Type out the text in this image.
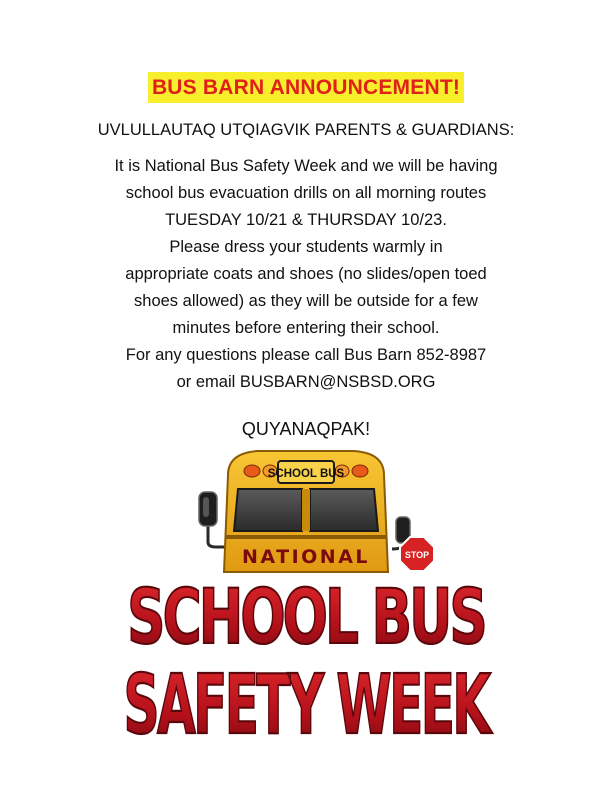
BUS BARN ANNOUNCEMENT!
UVLULLAUTAQ UTQIAGVIK PARENTS & GUARDIANS:
It is National Bus Safety Week and we will be having
school bus evacuation drills on all morning routes
TUESDAY 10/21 & THURSDAY 10/23.
Please dress your students warmly in
appropriate coats and shoes (no slides/open toed
shoes allowed) as they will be outside for a few
minutes before entering their school.
For any questions please call Bus Barn 852-8987
or email BUSBARN@NSBSD.ORG
QUYANAQPAK!
SCHOOL BUS
STOP
NATIONAL
SCHOOL BUS
SAFETY WEEK
